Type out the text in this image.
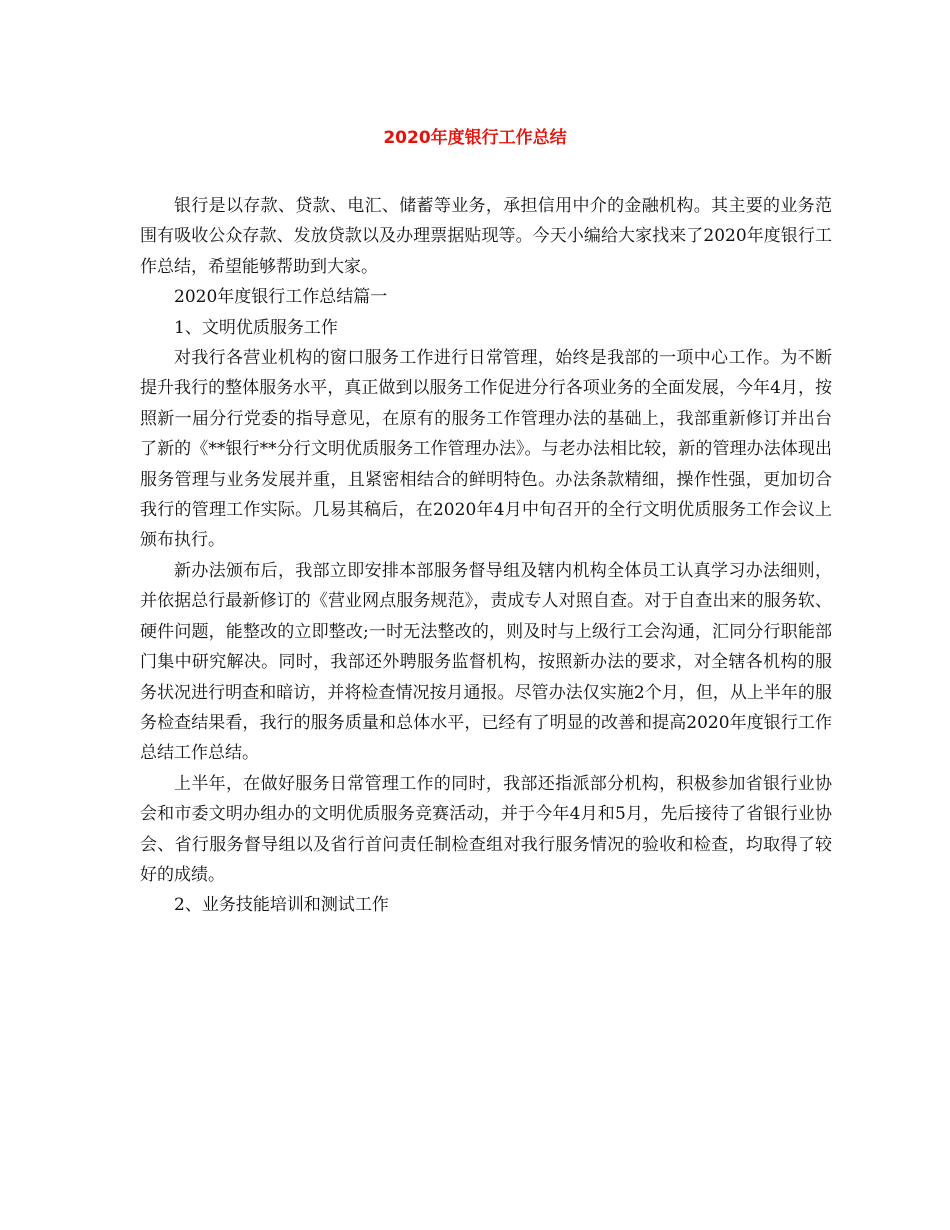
2020年度银行工作总结

银行是以存款、贷款、电汇、储蓄等业务，承担信用中介的金融机构。其主要的业务范围有吸收公众存款、发放贷款以及办理票据贴现等。今天小编给大家找来了2020年度银行工作总结，希望能够帮助到大家。

2020年度银行工作总结篇一

1、文明优质服务工作

对我行各营业机构的窗口服务工作进行日常管理，始终是我部的一项中心工作。为不断提升我行的整体服务水平，真正做到以服务工作促进分行各项业务的全面发展，今年4月，按照新一届分行党委的指导意见，在原有的服务工作管理办法的基础上，我部重新修订并出台了新的《**银行**分行文明优质服务工作管理办法》。与老办法相比较，新的管理办法体现出服务管理与业务发展并重，且紧密相结合的鲜明特色。办法条款精细，操作性强，更加切合我行的管理工作实际。几易其稿后，在2020年4月中旬召开的全行文明优质服务工作会议上颁布执行。

新办法颁布后，我部立即安排本部服务督导组及辖内机构全体员工认真学习办法细则，并依据总行最新修订的《营业网点服务规范》，责成专人对照自查。对于自查出来的服务软、硬件问题，能整改的立即整改;一时无法整改的，则及时与上级行工会沟通，汇同分行职能部门集中研究解决。同时，我部还外聘服务监督机构，按照新办法的要求，对全辖各机构的服务状况进行明查和暗访，并将检查情况按月通报。尽管办法仅实施2个月，但，从上半年的服务检查结果看，我行的服务质量和总体水平，已经有了明显的改善和提高2020年度银行工作总结工作总结。

上半年，在做好服务日常管理工作的同时，我部还指派部分机构，积极参加省银行业协会和市委文明办组办的文明优质服务竞赛活动，并于今年4月和5月，先后接待了省银行业协会、省行服务督导组以及省行首问责任制检查组对我行服务情况的验收和检查，均取得了较好的成绩。

2、业务技能培训和测试工作
